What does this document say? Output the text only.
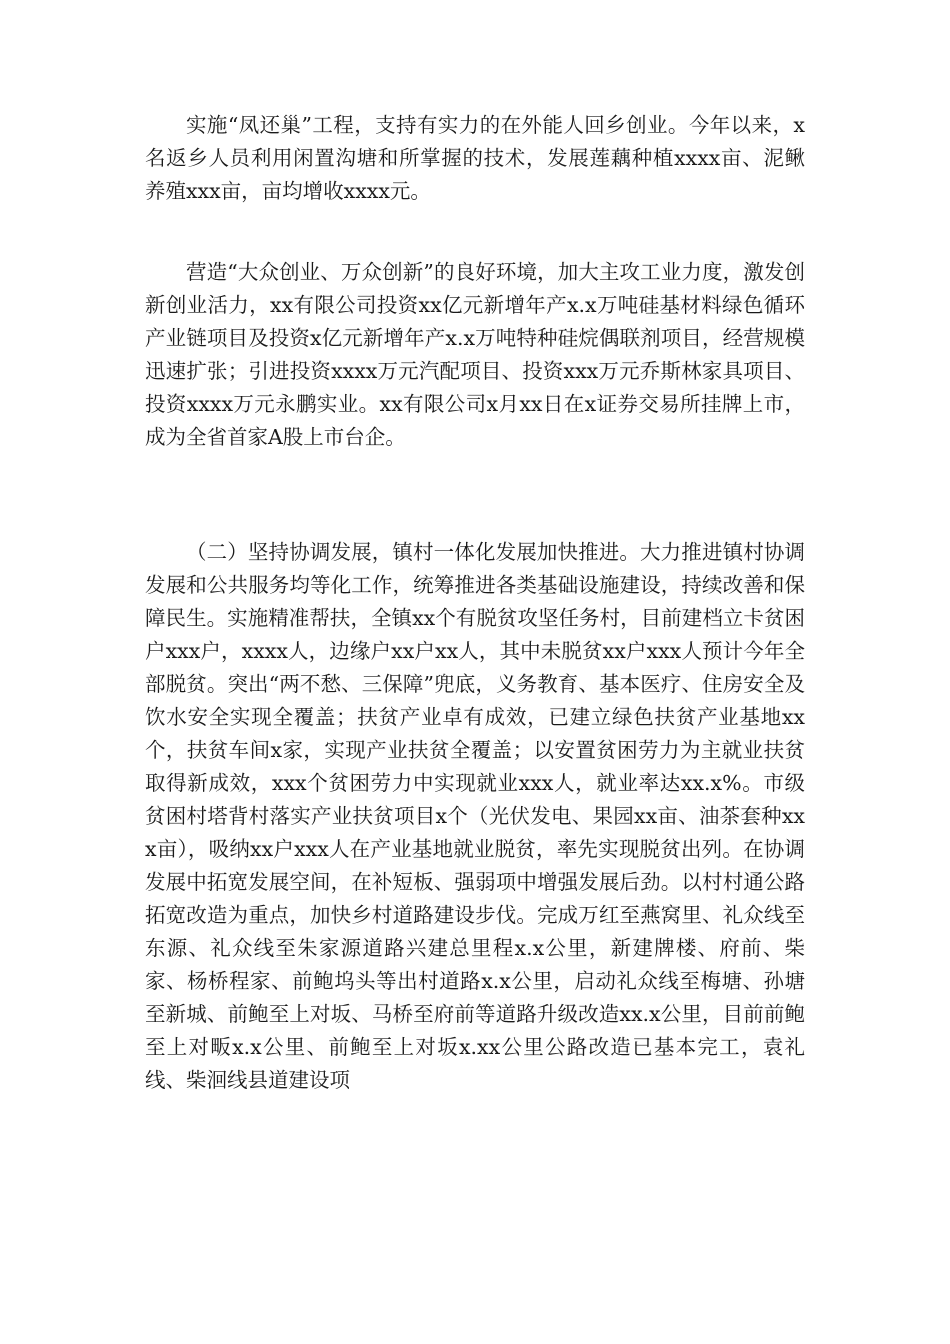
实施“凤还巢”工程，支持有实力的在外能人回乡创业。今年以来，x名返乡人员利用闲置沟塘和所掌握的技术，发展莲藕种植xxxx亩、泥鳅养殖xxx亩，亩均增收xxxx元。

营造“大众创业、万众创新”的良好环境，加大主攻工业力度，激发创新创业活力，xx有限公司投资xx亿元新增年产x.x万吨硅基材料绿色循环产业链项目及投资x亿元新增年产x.x万吨特种硅烷偶联剂项目，经营规模迅速扩张；引进投资xxxx万元汽配项目、投资xxx万元乔斯林家具项目、投资xxxx万元永鹏实业。xx有限公司x月xx日在x证券交易所挂牌上市，成为全省首家A股上市台企。

（二）坚持协调发展，镇村一体化发展加快推进。大力推进镇村协调发展和公共服务均等化工作，统筹推进各类基础设施建设，持续改善和保障民生。实施精准帮扶，全镇xx个有脱贫攻坚任务村，目前建档立卡贫困户xxx户，xxxx人，边缘户xx户xx人，其中未脱贫xx户xxx人预计今年全部脱贫。突出“两不愁、三保障”兜底，义务教育、基本医疗、住房安全及饮水安全实现全覆盖；扶贫产业卓有成效，已建立绿色扶贫产业基地xx个，扶贫车间x家，实现产业扶贫全覆盖；以安置贫困劳力为主就业扶贫取得新成效，xxx个贫困劳力中实现就业xxx人，就业率达xx.x%。市级贫困村塔背村落实产业扶贫项目x个（光伏发电、果园xx亩、油茶套种xxx亩），吸纳xx户xxx人在产业基地就业脱贫，率先实现脱贫出列。在协调发展中拓宽发展空间，在补短板、强弱项中增强发展后劲。以村村通公路拓宽改造为重点，加快乡村道路建设步伐。完成万红至燕窝里、礼众线至东源、礼众线至朱家源道路兴建总里程x.x公里，新建牌楼、府前、柴家、杨桥程家、前鲍坞头等出村道路x.x公里，启动礼众线至梅塘、孙塘至新城、前鲍至上对坂、马桥至府前等道路升级改造xx.x公里，目前前鲍至上对畈x.x公里、前鲍至上对坂x.xx公里公路改造已基本完工，袁礼线、柴洄线县道建设项
